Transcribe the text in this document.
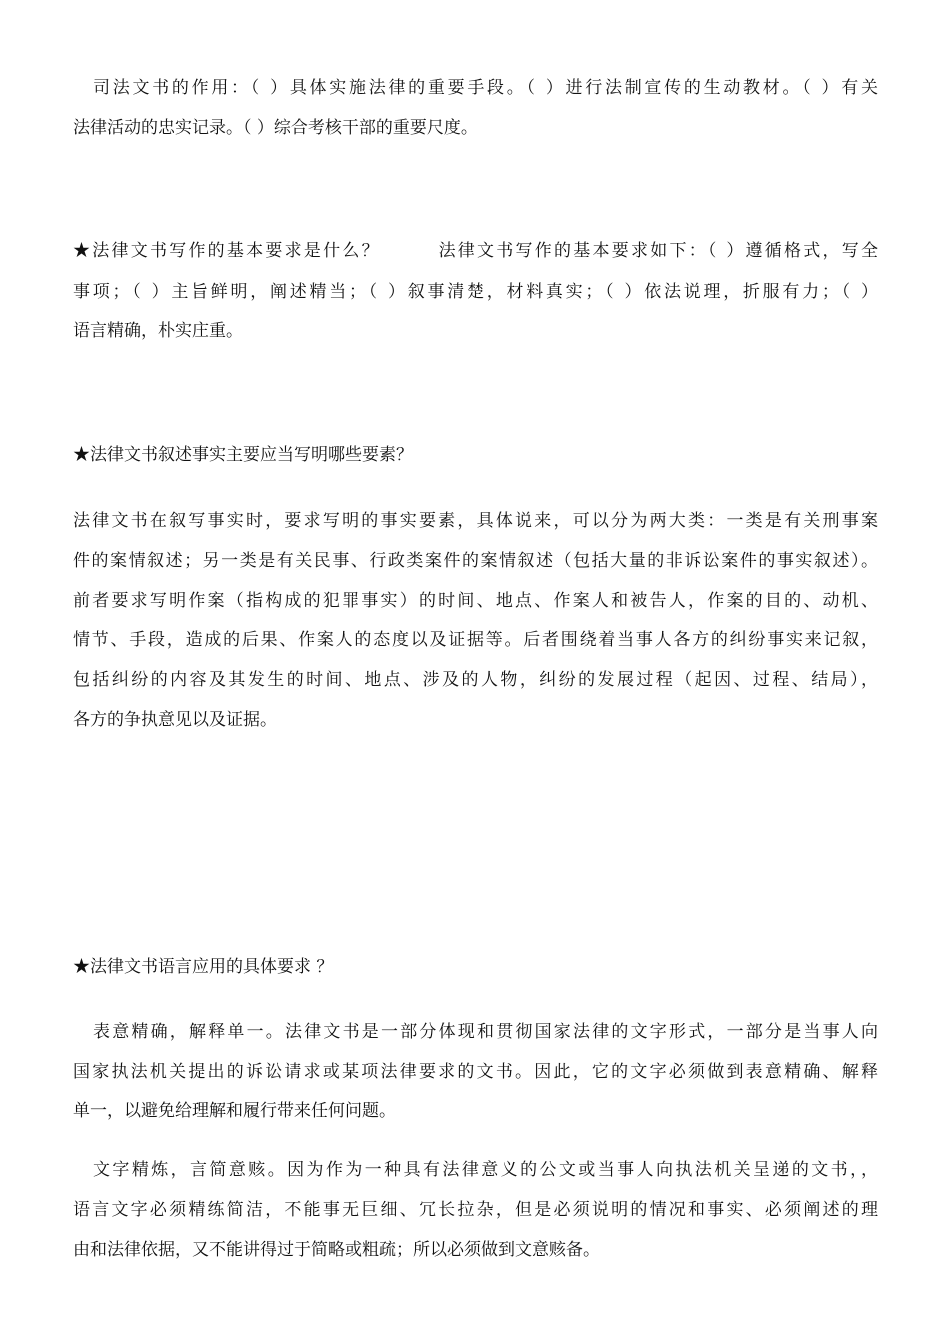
司法文书的作用：（ ）具体实施法律的重要手段。（ ）进行法制宣传的生动教材。（ ）有关
法律活动的忠实记录。（ ）综合考核干部的重要尺度。
★法律文书写作的基本要求是什么？　　　法律文书写作的基本要求如下：（ ）遵循格式，写全
事项；（ ）主旨鲜明，阐述精当；（ ）叙事清楚，材料真实；（ ）依法说理，折服有力；（ ）
语言精确，朴实庄重。
★法律文书叙述事实主要应当写明哪些要素？
法律文书在叙写事实时，要求写明的事实要素，具体说来，可以分为两大类：一类是有关刑事案
件的案情叙述；另一类是有关民事、行政类案件的案情叙述（包括大量的非诉讼案件的事实叙述）。
前者要求写明作案（指构成的犯罪事实）的时间、地点、作案人和被告人，作案的目的、动机、
情节、手段，造成的后果、作案人的态度以及证据等。后者围绕着当事人各方的纠纷事实来记叙，
包括纠纷的内容及其发生的时间、地点、涉及的人物，纠纷的发展过程（起因、过程、结局），
各方的争执意见以及证据。
★法律文书语言应用的具体要求 ？
表意精确，解释单一。法律文书是一部分体现和贯彻国家法律的文字形式，一部分是当事人向
国家执法机关提出的诉讼请求或某项法律要求的文书。因此，它的文字必须做到表意精确、解释
单一，以避免给理解和履行带来任何问题。
文字精炼，言简意赅。因为作为一种具有法律意义的公文或当事人向执法机关呈递的文书，，
语言文字必须精练简洁，不能事无巨细、冗长拉杂，但是必须说明的情况和事实、必须阐述的理
由和法律依据，又不能讲得过于简略或粗疏；所以必须做到文意赅备。
